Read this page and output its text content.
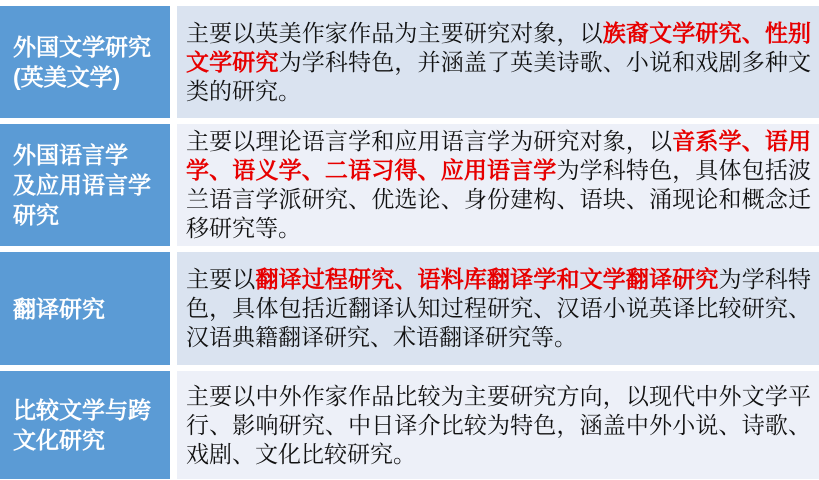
外国文学研究
(英美文学)
主要以英美作家作品为主要研究对象，以族裔文学研究、性别文学研究为学科特色，并涵盖了英美诗歌、小说和戏剧多种文类的研究。
外国语言学
及应用语言学
研究
主要以理论语言学和应用语言学为研究对象，以音系学、语用学、语义学、二语习得、应用语言学为学科特色，具体包括波兰语言学派研究、优选论、身份建构、语块、涌现论和概念迁移研究等。
翻译研究
主要以翻译过程研究、语料库翻译学和文学翻译研究为学科特色，具体包括近翻译认知过程研究、汉语小说英译比较研究、汉语典籍翻译研究、术语翻译研究等。
比较文学与跨
文化研究
主要以中外作家作品比较为主要研究方向，以现代中外文学平行、影响研究、中日译介比较为特色，涵盖中外小说、诗歌、戏剧、文化比较研究。
